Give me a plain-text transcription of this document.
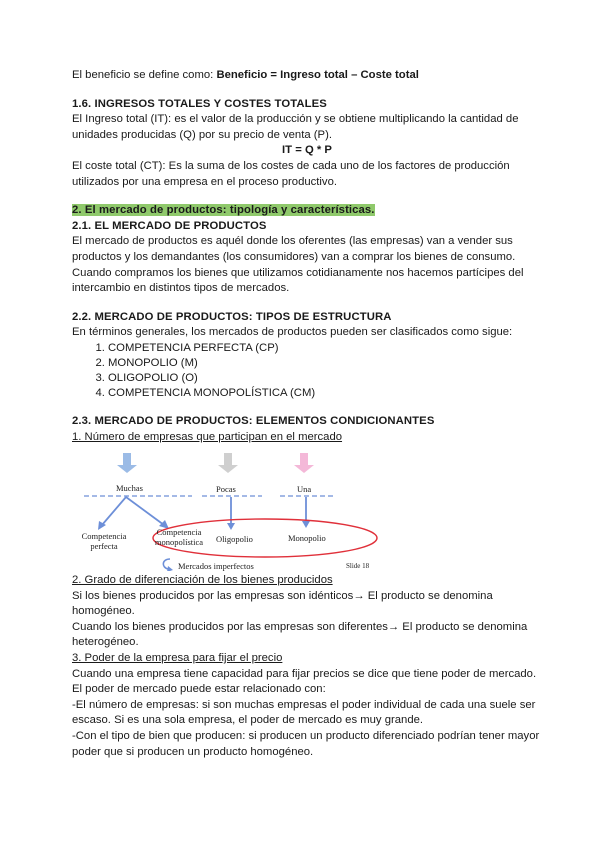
El beneficio se define como: Beneficio = Ingreso total – Coste total

1.6. INGRESOS TOTALES Y COSTES TOTALES

El Ingreso total (IT): es el valor de la producción y se obtiene multiplicando la cantidad de unidades producidas (Q) por su precio de venta (P).

IT = Q * P

El coste total (CT): Es la suma de los costes de cada uno de los factores de producción utilizados por una empresa en el proceso productivo.

2. El mercado de productos: tipología y características.
2.1. EL MERCADO DE PRODUCTOS

El mercado de productos es aquél donde los oferentes (las empresas) van a vender sus productos y los demandantes (los consumidores) van a comprar los bienes de consumo. Cuando compramos los bienes que utilizamos cotidianamente nos hacemos partícipes del intercambio en distintos tipos de mercados.

2.2. MERCADO DE PRODUCTOS: TIPOS DE ESTRUCTURA

En términos generales, los mercados de productos pueden ser clasificados como sigue:

1. COMPETENCIA PERFECTA (CP)
2. MONOPOLIO (M)
3. OLIGOPOLIO (O)
4. COMPETENCIA MONOPOLÍSTICA (CM)
2.3. MERCADO DE PRODUCTOS: ELEMENTOS CONDICIONANTES

1. Número de empresas que participan en el mercado

Muchas	Pocas	Una
Competencia perfecta
Competencia monopolística	Oligopolio	Monopolio
Mercados imperfectos	Slide 18

2. Grado de diferenciación de los bienes producidos

Si los bienes producidos por las empresas son idénticos→ El producto se denomina homogéneo.

Cuando los bienes producidos por las empresas son diferentes→ El producto se denomina heterogéneo.

3. Poder de la empresa para fijar el precio

Cuando una empresa tiene capacidad para fijar precios se dice que tiene poder de mercado. El poder de mercado puede estar relacionado con:

-El número de empresas: si son muchas empresas el poder individual de cada una suele ser escaso. Si es una sola empresa, el poder de mercado es muy grande.

-Con el tipo de bien que producen: si producen un producto diferenciado podrían tener mayor poder que si producen un producto homogéneo.
